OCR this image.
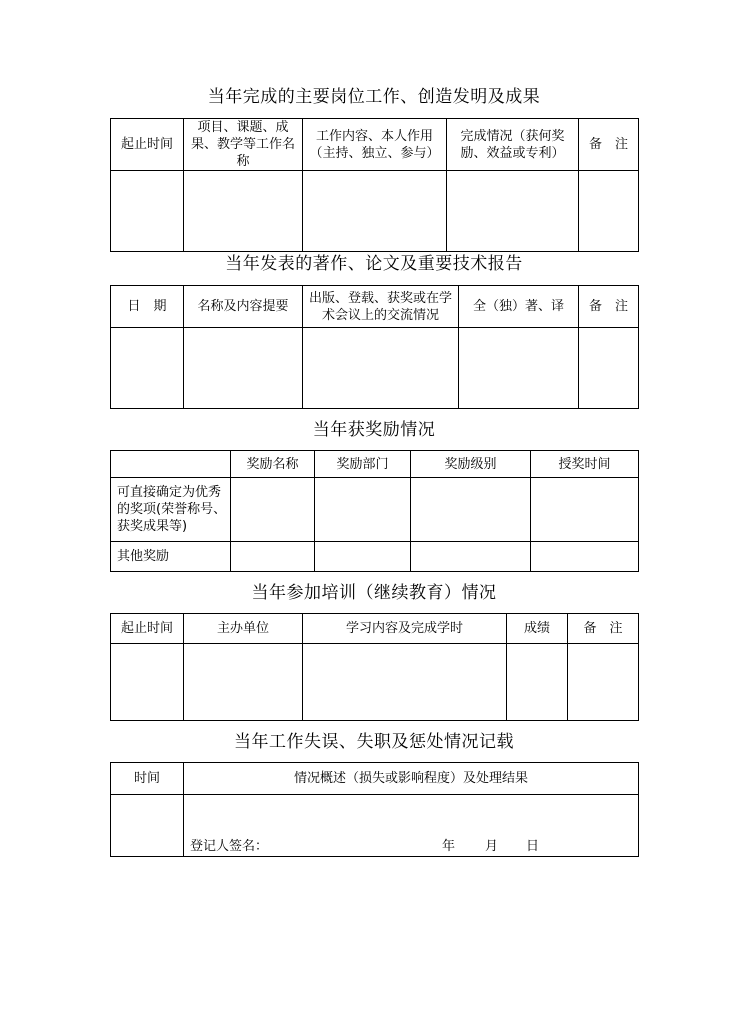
当年完成的主要岗位工作、创造发明及成果
起止时间	项目、课题、成果、教学等工作名称	工作内容、本人作用（主持、独立、参与）	完成情况（获何奖励、效益或专利）	备　注

当年发表的著作、论文及重要技术报告
日　期	名称及内容提要	出版、登载、获奖或在学术会议上的交流情况	全（独）著、译	备　注

当年获奖励情况
	奖励名称	奖励部门	奖励级别	授奖时间
可直接确定为优秀的奖项(荣誉称号、获奖成果等)				
其他奖励				
当年参加培训（继续教育）情况
起止时间	主办单位	学习内容及完成学时	成绩	备　注

当年工作失误、失职及惩处情况记载
时间	情况概述（损失或影响程度）及处理结果

登记人签名：	年 月 日
